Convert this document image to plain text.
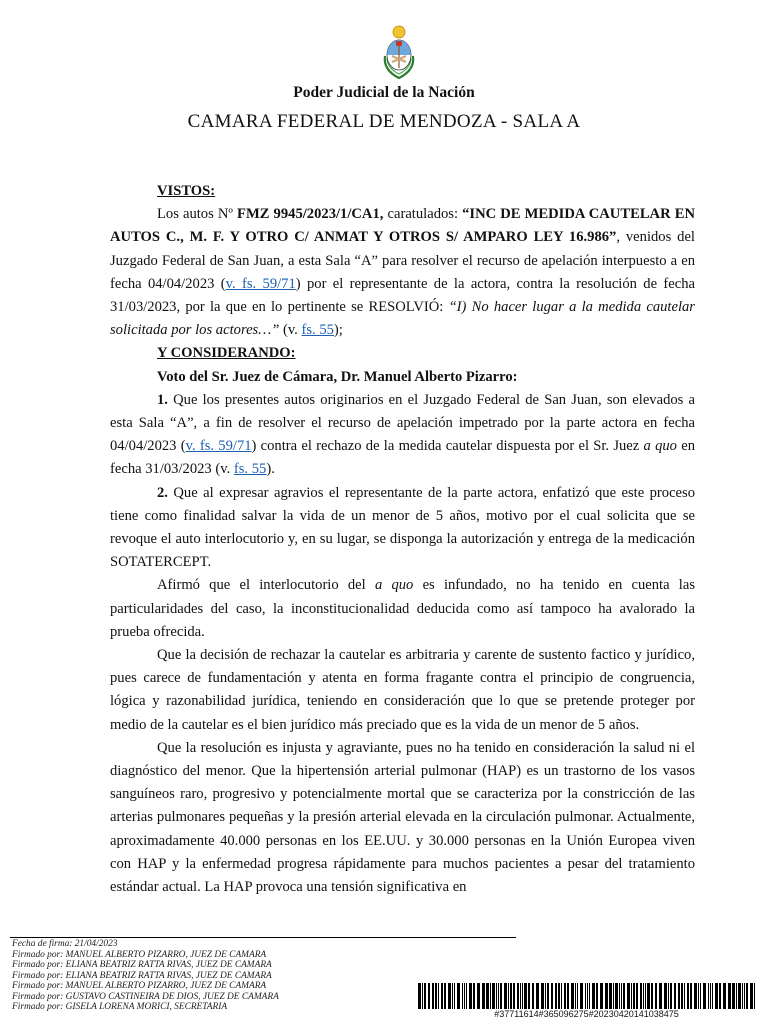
Poder Judicial de la Nación
CAMARA FEDERAL DE MENDOZA - SALA A

VISTOS:

Los autos Nº FMZ 9945/2023/1/CA1, caratulados: “INC DE MEDIDA CAUTELAR EN AUTOS C., M. F. Y OTRO C/ ANMAT Y OTROS S/ AMPARO LEY 16.986”, venidos del Juzgado Federal de San Juan, a esta Sala “A” para resolver el recurso de apelación interpuesto a en fecha 04/04/2023 (v. fs. 59/71) por el representante de la actora, contra la resolución de fecha 31/03/2023, por la que en lo pertinente se RESOLVIÓ: “I) No hacer lugar a la medida cautelar solicitada por los actores…” (v. fs. 55);

Y CONSIDERANDO:

Voto del Sr. Juez de Cámara, Dr. Manuel Alberto Pizarro:

1. Que los presentes autos originarios en el Juzgado Federal de San Juan, son elevados a esta Sala “A”, a fin de resolver el recurso de apelación impetrado por la parte actora en fecha 04/04/2023 (v. fs. 59/71) contra el rechazo de la medida cautelar dispuesta por el Sr. Juez a quo en fecha 31/03/2023 (v. fs. 55).

2. Que al expresar agravios el representante de la parte actora, enfatizó que este proceso tiene como finalidad salvar la vida de un menor de 5 años, motivo por el cual solicita que se revoque el auto interlocutorio y, en su lugar, se disponga la autorización y entrega de la medicación SOTATERCEPT.

Afirmó que el interlocutorio del a quo es infundado, no ha tenido en cuenta las particularidades del caso, la inconstitucionalidad deducida como así tampoco ha avalorado la prueba ofrecida.

Que la decisión de rechazar la cautelar es arbitraria y carente de sustento factico y jurídico, pues carece de fundamentación y atenta en forma fragante contra el principio de congruencia, lógica y razonabilidad jurídica, teniendo en consideración que lo que se pretende proteger por medio de la cautelar es el bien jurídico más preciado que es la vida de un menor de 5 años.

Que la resolución es injusta y agraviante, pues no ha tenido en consideración la salud ni el diagnóstico del menor. Que la hipertensión arterial pulmonar (HAP) es un trastorno de los vasos sanguíneos raro, progresivo y potencialmente mortal que se caracteriza por la constricción de las arterias pulmonares pequeñas y la presión arterial elevada en la circulación pulmonar. Actualmente, aproximadamente 40.000 personas en los EE.UU. y 30.000 personas en la Unión Europea viven con HAP y la enfermedad progresa rápidamente para muchos pacientes a pesar del tratamiento estándar actual. La HAP provoca una tensión significativa en

Fecha de firma: 21/04/2023
Firmado por: MANUEL ALBERTO PIZARRO, JUEZ DE CAMARA
Firmado por: ELIANA BEATRIZ RATTA RIVAS, JUEZ DE CAMARA
Firmado por: ELIANA BEATRIZ RATTA RIVAS, JUEZ DE CAMARA
Firmado por: MANUEL ALBERTO PIZARRO, JUEZ DE CAMARA
Firmado por: GUSTAVO CASTINEIRA DE DIOS, JUEZ DE CAMARA
Firmado por: GISELA LORENA MORICI, SECRETARIA
#37711614#365096275#20230420141038475
